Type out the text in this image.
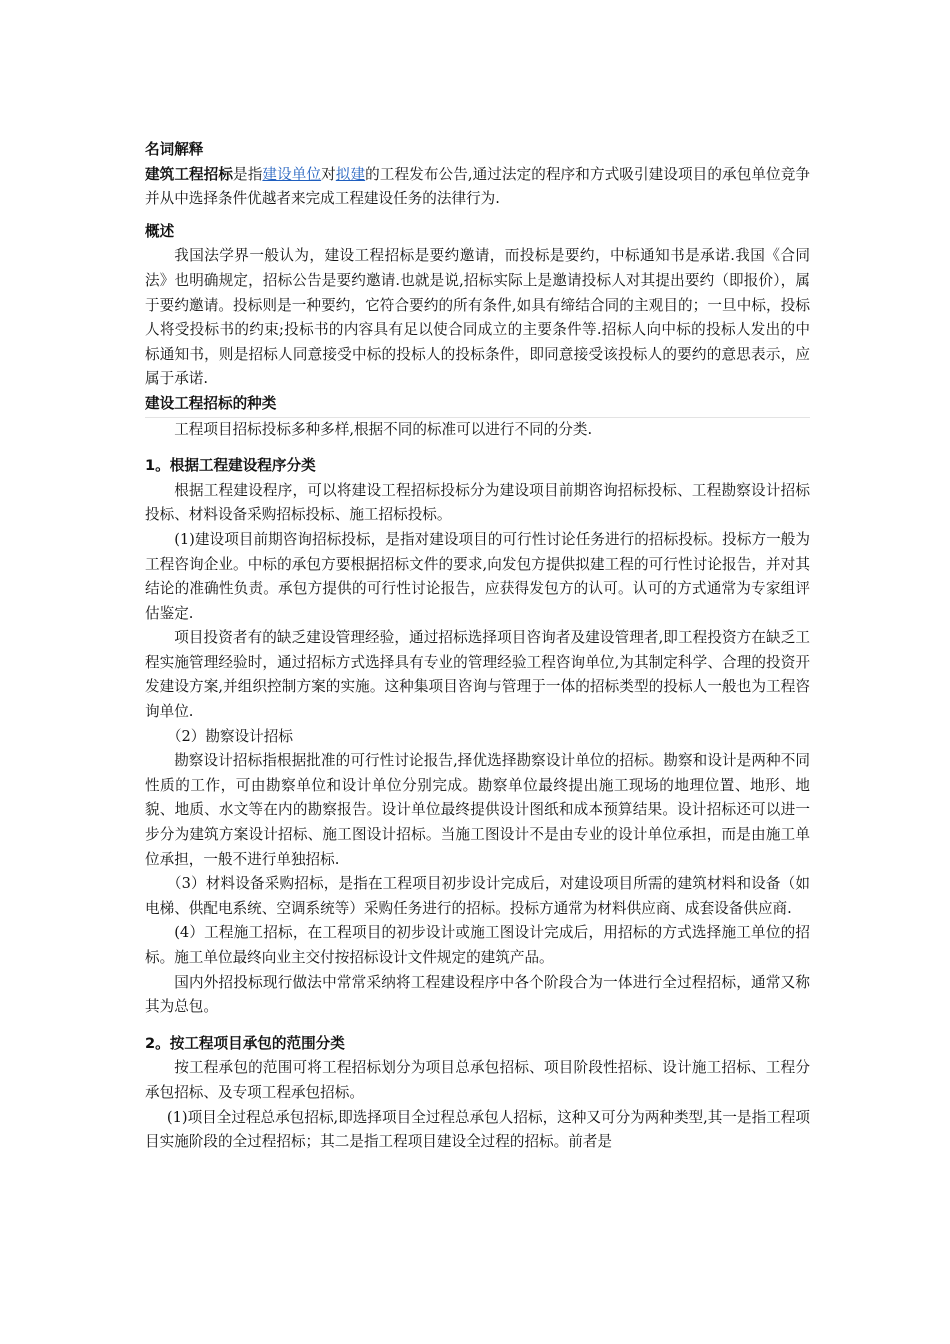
名词解释

建筑工程招标是指建设单位对拟建的工程发布公告,通过法定的程序和方式吸引建设项目的承包单位竞争并从中选择条件优越者来完成工程建设任务的法律行为.

概述

我国法学界一般认为，建设工程招标是要约邀请，而投标是要约，中标通知书是承诺.我国《合同法》也明确规定，招标公告是要约邀请.也就是说,招标实际上是邀请投标人对其提出要约（即报价），属于要约邀请。投标则是一种要约，它符合要约的所有条件,如具有缔结合同的主观目的；一旦中标，投标人将受投标书的约束;投标书的内容具有足以使合同成立的主要条件等.招标人向中标的投标人发出的中标通知书，则是招标人同意接受中标的投标人的投标条件，即同意接受该投标人的要约的意思表示，应属于承诺.

建设工程招标的种类

工程项目招标投标多种多样,根据不同的标准可以进行不同的分类.

1。根据工程建设程序分类

根据工程建设程序，可以将建设工程招标投标分为建设项目前期咨询招标投标、工程勘察设计招标投标、材料设备采购招标投标、施工招标投标。

(1)建设项目前期咨询招标投标，是指对建设项目的可行性讨论任务进行的招标投标。投标方一般为工程咨询企业。中标的承包方要根据招标文件的要求,向发包方提供拟建工程的可行性讨论报告，并对其结论的准确性负责。承包方提供的可行性讨论报告，应获得发包方的认可。认可的方式通常为专家组评估鉴定.

项目投资者有的缺乏建设管理经验，通过招标选择项目咨询者及建设管理者,即工程投资方在缺乏工程实施管理经验时，通过招标方式选择具有专业的管理经验工程咨询单位,为其制定科学、合理的投资开发建设方案,并组织控制方案的实施。这种集项目咨询与管理于一体的招标类型的投标人一般也为工程咨询单位.

（2）勘察设计招标

勘察设计招标指根据批准的可行性讨论报告,择优选择勘察设计单位的招标。勘察和设计是两种不同性质的工作，可由勘察单位和设计单位分别完成。勘察单位最终提出施工现场的地理位置、地形、地貌、地质、水文等在内的勘察报告。设计单位最终提供设计图纸和成本预算结果。设计招标还可以进一步分为建筑方案设计招标、施工图设计招标。当施工图设计不是由专业的设计单位承担，而是由施工单位承担，一般不进行单独招标.

（3）材料设备采购招标，是指在工程项目初步设计完成后，对建设项目所需的建筑材料和设备（如电梯、供配电系统、空调系统等）采购任务进行的招标。投标方通常为材料供应商、成套设备供应商.

(4）工程施工招标，在工程项目的初步设计或施工图设计完成后，用招标的方式选择施工单位的招标。施工单位最终向业主交付按招标设计文件规定的建筑产品。

国内外招投标现行做法中常常采纳将工程建设程序中各个阶段合为一体进行全过程招标，通常又称其为总包。

2。按工程项目承包的范围分类

按工程承包的范围可将工程招标划分为项目总承包招标、项目阶段性招标、设计施工招标、工程分承包招标、及专项工程承包招标。

(1)项目全过程总承包招标,即选择项目全过程总承包人招标，这种又可分为两种类型,其一是指工程项目实施阶段的全过程招标；其二是指工程项目建设全过程的招标。前者是
